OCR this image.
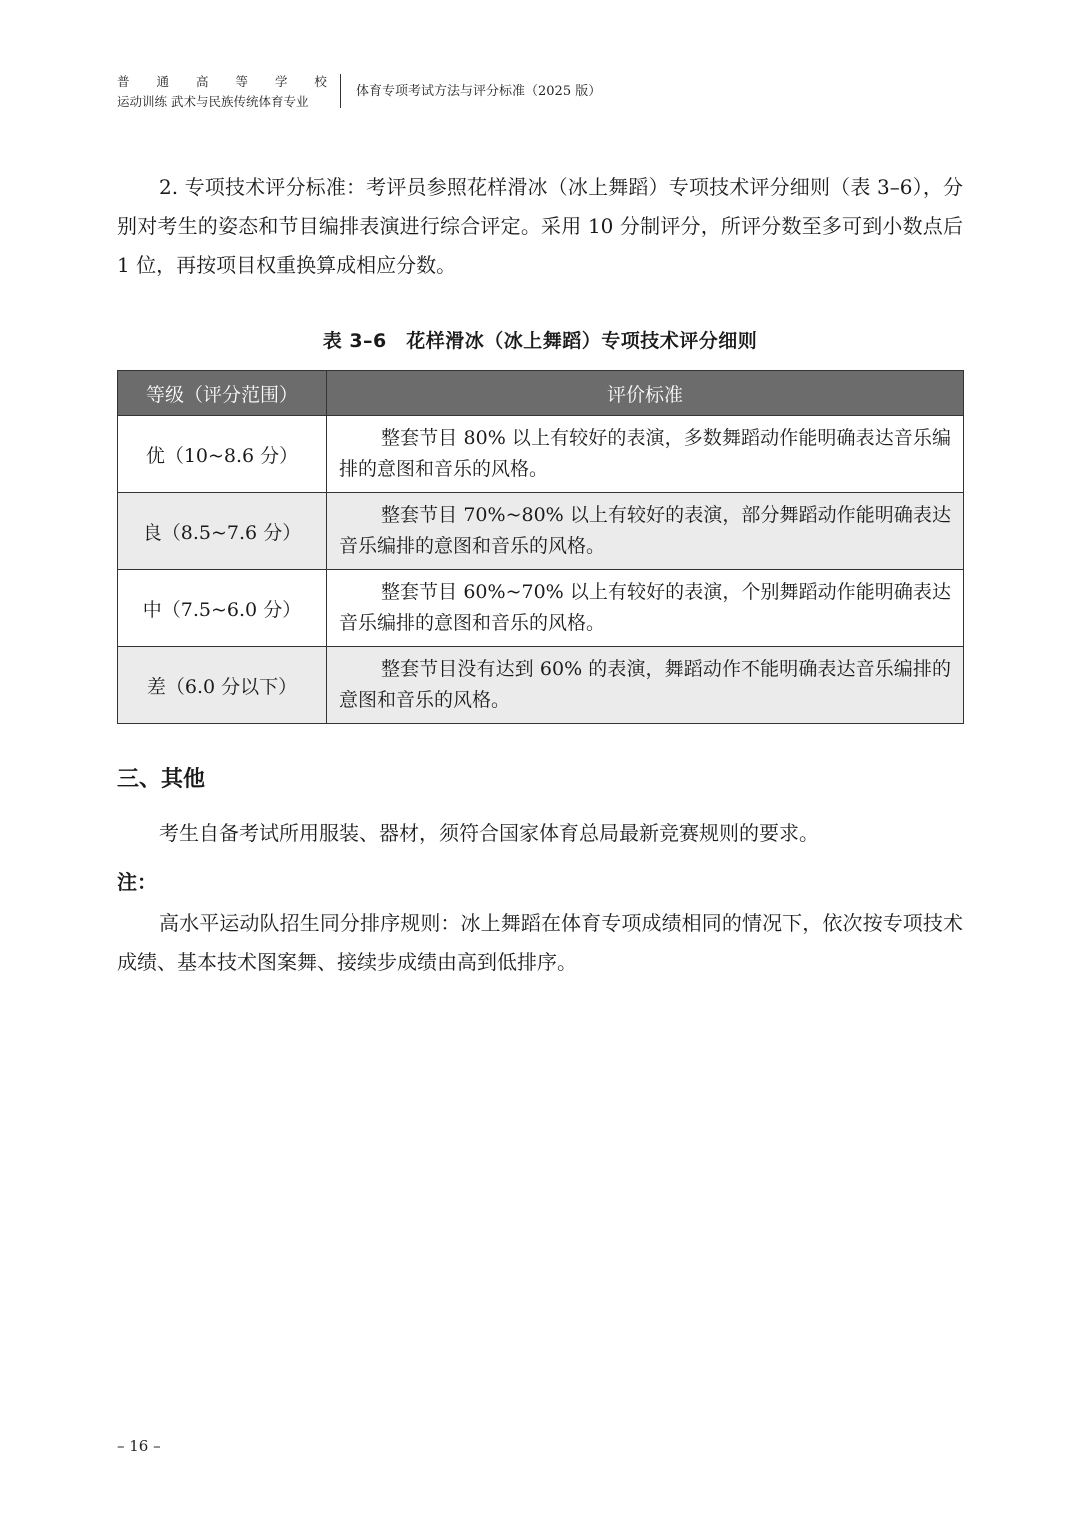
普 通 高 等 学 校
运动训练 武术与民族传统体育专业
体育专项考试方法与评分标准（2025 版）
2. 专项技术评分标准：考评员参照花样滑冰（冰上舞蹈）专项技术评分细则（表 3–6），分别对考生的姿态和节目编排表演进行综合评定。采用 10 分制评分，所评分数至多可到小数点后 1 位，再按项目权重换算成相应分数。
表 3–6　花样滑冰（冰上舞蹈）专项技术评分细则
等级（评分范围）	评价标准
优（10~8.6 分）	整套节目 80% 以上有较好的表演，多数舞蹈动作能明确表达音乐编排的意图和音乐的风格。
良（8.5~7.6 分）	整套节目 70%~80% 以上有较好的表演，部分舞蹈动作能明确表达音乐编排的意图和音乐的风格。
中（7.5~6.0 分）	整套节目 60%~70% 以上有较好的表演，个别舞蹈动作能明确表达音乐编排的意图和音乐的风格。
差（6.0 分以下）	整套节目没有达到 60% 的表演，舞蹈动作不能明确表达音乐编排的意图和音乐的风格。
三、其他
考生自备考试所用服装、器材，须符合国家体育总局最新竞赛规则的要求。
注：
高水平运动队招生同分排序规则：冰上舞蹈在体育专项成绩相同的情况下，依次按专项技术成绩、基本技术图案舞、接续步成绩由高到低排序。
– 16 –
